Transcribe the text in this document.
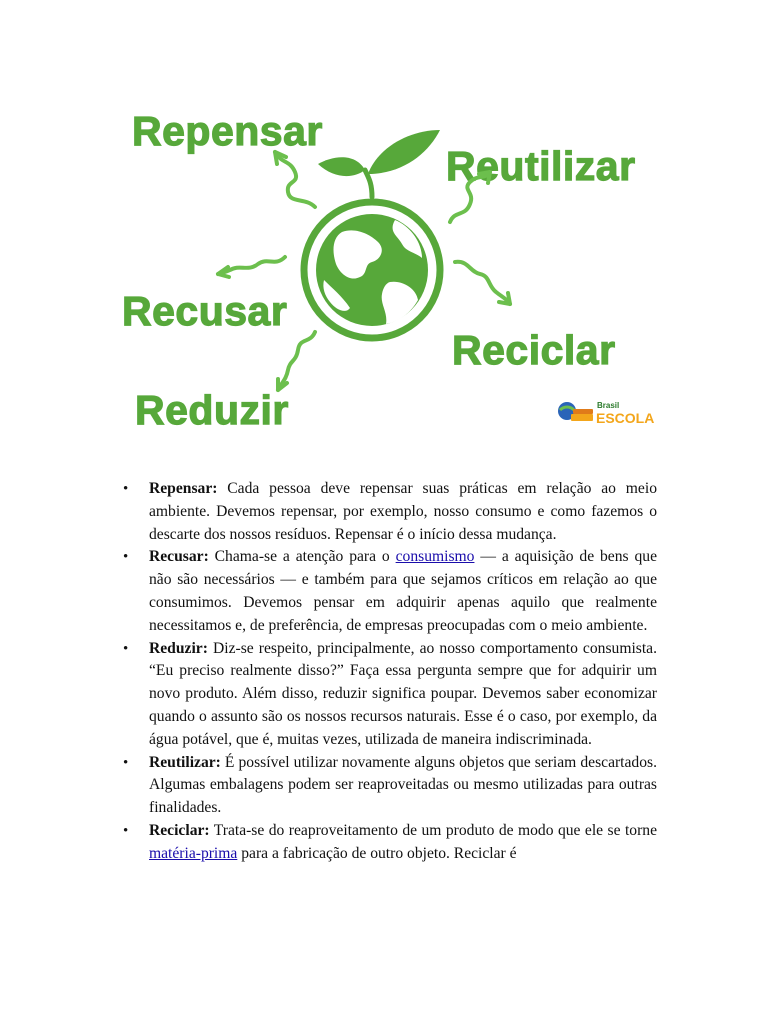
Repensar
Reutilizar
Recusar
Reciclar
Reduzir	Brasil
ESCOLA
• Repensar: Cada pessoa deve repensar suas práticas em relação ao meio ambiente. Devemos repensar, por exemplo, nosso consumo e como fazemos o descarte dos nossos resíduos. Repensar é o início dessa mudança.
• Recusar: Chama-se a atenção para o consumismo — a aquisição de bens que não são necessários — e também para que sejamos críticos em relação ao que consumimos. Devemos pensar em adquirir apenas aquilo que realmente necessitamos e, de preferência, de empresas preocupadas com o meio ambiente.
• Reduzir: Diz-se respeito, principalmente, ao nosso comportamento consumista. “Eu preciso realmente disso?” Faça essa pergunta sempre que for adquirir um novo produto. Além disso, reduzir significa poupar. Devemos saber economizar quando o assunto são os nossos recursos naturais. Esse é o caso, por exemplo, da água potável, que é, muitas vezes, utilizada de maneira indiscriminada.
• Reutilizar: É possível utilizar novamente alguns objetos que seriam descartados. Algumas embalagens podem ser reaproveitadas ou mesmo utilizadas para outras finalidades.
• Reciclar: Trata-se do reaproveitamento de um produto de modo que ele se torne matéria-prima para a fabricação de outro objeto. Reciclar é
